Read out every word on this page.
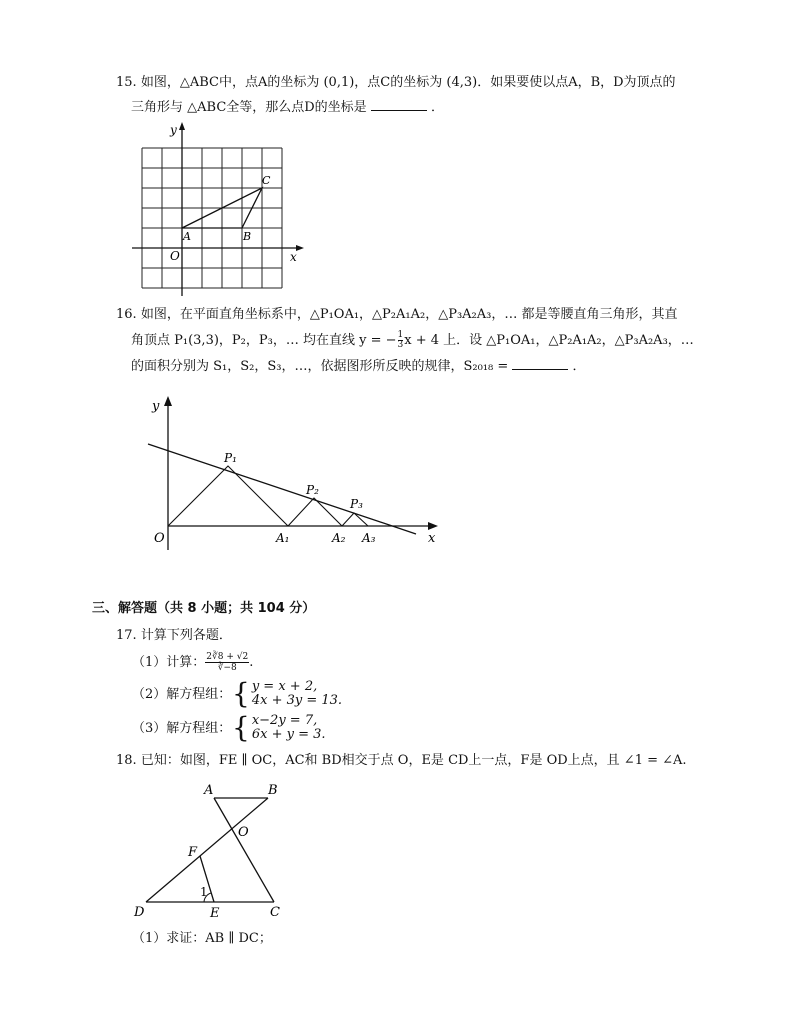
15. 如图，△ABC中，点A的坐标为 (0,1)，点C的坐标为 (4,3)．如果要使以点A，B，D为顶点的
三角形与 △ABC全等，那么点D的坐标是	．
y
x
O
A	B
C
16. 如图，在平面直角坐标系中，△P₁OA₁，△P₂A₁A₂，△P₃A₂A₃，… 都是等腰直角三角形，其直
角顶点 P₁(3,3)，P₂，P₃，… 均在直线 y = − $\frac{1}{3}$ x + 4 上．设 △P₁OA₁，△P₂A₁A₂，△P₃A₂A₃，…
的面积分别为 S₁，S₂，S₃，…，依据图形所反映的规律，S₂₀₁₈ =	．
y
x
O
P₁
P₂
P₃
A₁	A₂ A₃
三、解答题（共 8 小题；共 104 分）
17. 计算下列各题．
（1）计算： $\frac{2∛8 + √2}{∛-8}$ .
（2）解方程组： { y = x + 2,
4x + 3y = 13.
（3）解方程组： { x−2y = 7,
6x + y = 3.
18. 已知：如图，FE ∥ OC，AC和 BD相交于点 O，E是 CD上一点，F是 OD上点，且 ∠1 = ∠A.
A	B
O
F
1
D	E	C
（1）求证：AB ∥ DC；
